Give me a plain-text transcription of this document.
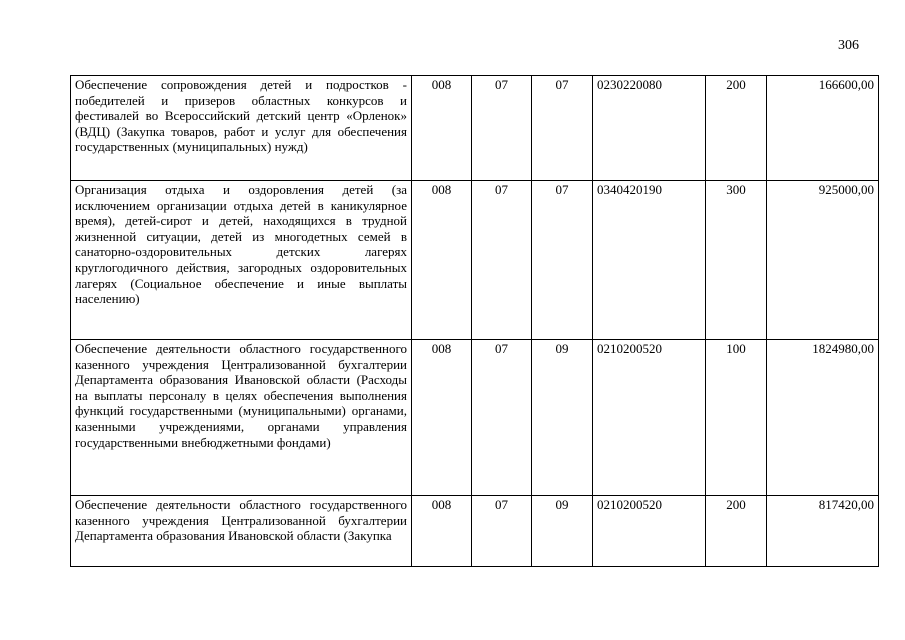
306
Обеспечение сопровождения детей и подростков - победителей и призеров областных конкурсов и фестивалей во Всероссийский детский центр «Орленок» (ВДЦ) (Закупка товаров, работ и услуг для обеспечения государственных (муниципальных) нужд)	008	07	07	0230220080	200	166600,00
Организация отдыха и оздоровления детей (за исключением организации отдыха детей в каникулярное время), детей-сирот и детей, находящихся в трудной жизненной ситуации, детей из многодетных семей в санаторно-оздоровительных детских лагерях круглогодичного действия, загородных оздоровительных лагерях (Социальное обеспечение и иные выплаты населению)	008	07	07	0340420190	300	925000,00
Обеспечение деятельности областного государственного казенного учреждения Централизованной бухгалтерии Департамента образования Ивановской области (Расходы на выплаты персоналу в целях обеспечения выполнения функций государственными (муниципальными) органами, казенными учреждениями, органами управления государственными внебюджетными фондами)	008	07	09	0210200520	100	1824980,00
Обеспечение деятельности областного государственного казенного учреждения Централизованной бухгалтерии Департамента образования Ивановской области (Закупка	008	07	09	0210200520	200	817420,00
